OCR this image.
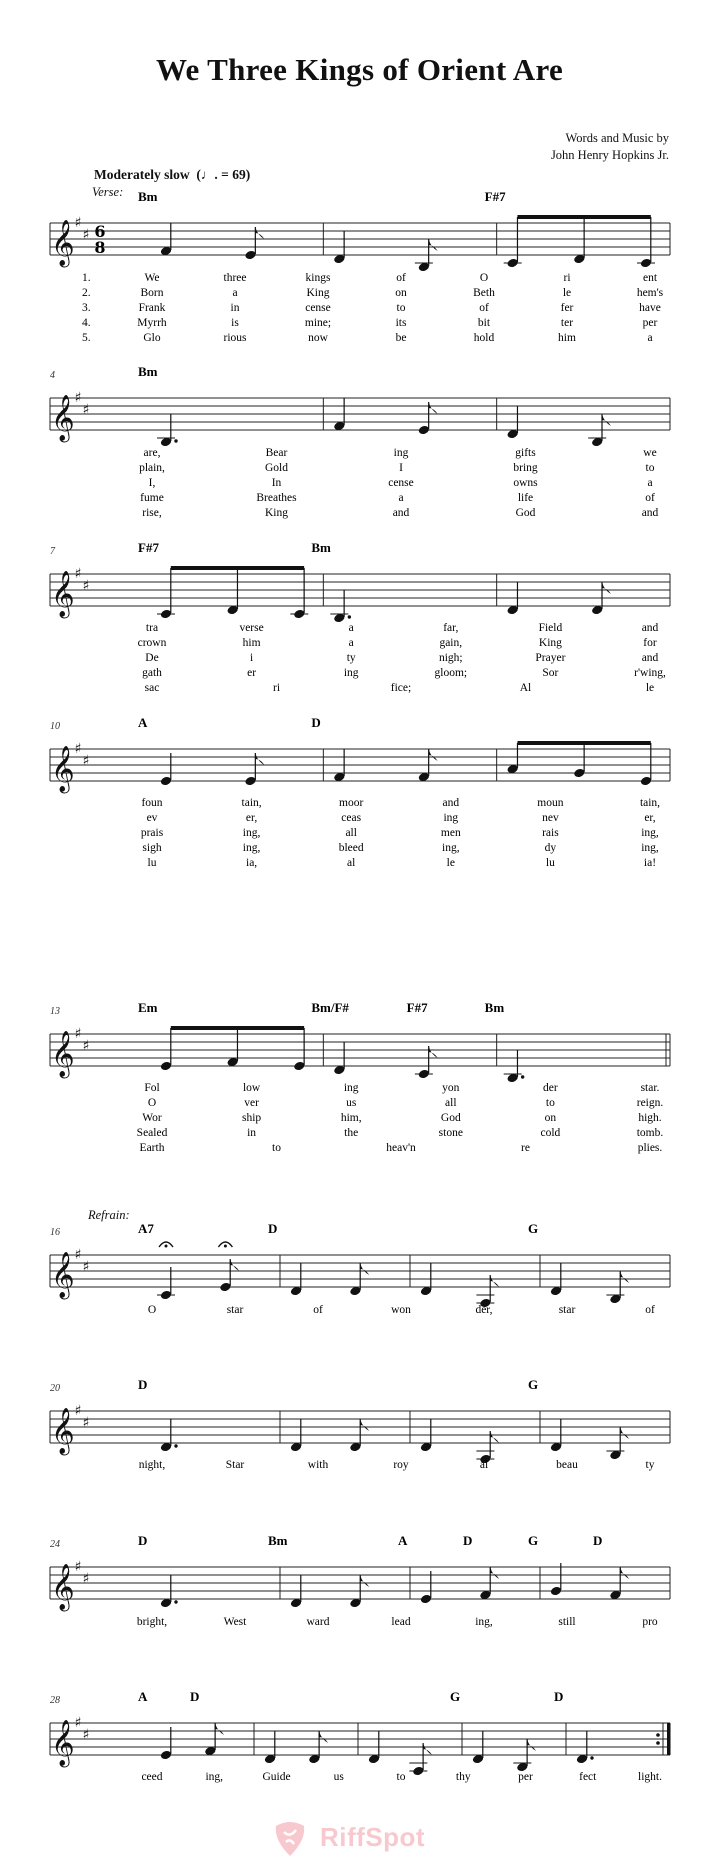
We Three Kings of Orient Are
Words and Music by
John Henry Hopkins Jr.
Moderately slow  (♩. = 69)
Verse:
Refrain:
𝄞 ♯
♯ 6
8
Bm	F#7
1.
2.
3.
4.
5.
We	three	kings	of	O	ri	ent
Born	a	King	on	Beth	le	hem's
Frank	in	cense	to	of	fer	have
Myrrh	is	mine;	its	bit	ter	per
Glo	rious	now	be	hold	him	a
𝄞 ♯
♯
4	Bm
are,	Bear	ing	gifts	we
plain,	Gold	I	bring	to
I,	In	cense	owns	a
fume	Breathes	a	life	of
rise,	King	and	God	and
𝄞 ♯
♯
7	F#7	Bm
tra	verse	a	far,	Field	and
crown	him	a	gain,	King	for
De	i	ty	nigh;	Prayer	and
gath	er	ing	gloom;	Sor	r'wing,
sac	ri	fice;	Al	le
𝄞 ♯
♯
10	A	D
foun	tain,	moor	and	moun	tain,
ev	er,	ceas	ing	nev	er,
prais	ing,	all	men	rais	ing,
sigh	ing,	bleed	ing,	dy	ing,
lu	ia,	al	le	lu	ia!
𝄞 ♯
♯
13	Em	Bm/F#	F#7	Bm
Fol	low	ing	yon	der	star.
O	ver	us	all	to	reign.
Wor	ship	him,	God	on	high.
Sealed	in	the	stone	cold	tomb.
Earth	to	heav'n	re	plies.
𝄞 ♯
♯
16	A7	D	G
O	star	of	won	der,	star	of
𝄞 ♯
♯
20	D	G
night,	Star	with	roy	al	beau	ty
𝄞 ♯
♯
24	D	Bm	A	D	G	D
bright,	West	ward	lead	ing,	still	pro
𝄞 ♯
♯
28	A	D	G	D
ceed	ing,	Guide	us	to	thy	per	fect	light.
RiffSpot
